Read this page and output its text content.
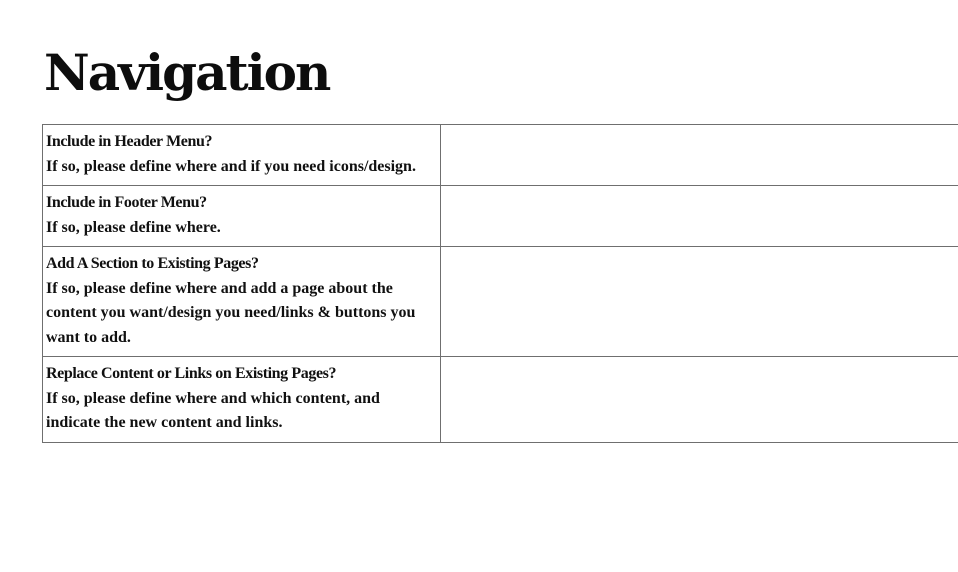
Navigation
Include in Header Menu?
If so, please define where and if you need icons/design.	

Include in Footer Menu?
If so, please define where.	

Add A Section to Existing Pages?
If so, please define where and add a page about the content you want/design you need/links & buttons you want to add.	

Replace Content or Links on Existing Pages?
If so, please define where and which content, and indicate the new content and links.	
